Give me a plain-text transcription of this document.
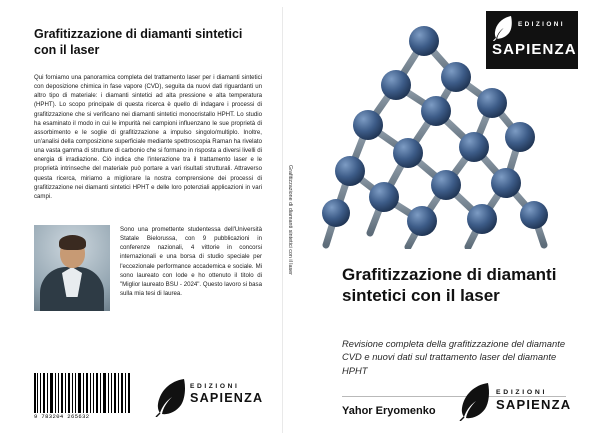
Grafitizzazione di diamanti sintetici con il laser
Qui forniamo una panoramica completa del trattamento laser per i diamanti sintetici con deposizione chimica in fase vapore (CVD), seguita da nuovi dati riguardanti un altro tipo di materiale: i diamanti sintetici ad alta pressione e alta temperatura (HPHT). Lo scopo principale di questa ricerca è quello di indagare i processi di grafitizzazione che si verificano nei diamanti sintetici monocristallo HPHT. Lo studio ha esaminato il modo in cui le impurità nei campioni influenzano le sue proprietà di assorbimento e le soglie di grafitizzazione a impulso singolo/multiplo. Inoltre, un'analisi della composizione superficiale mediante spettroscopia Raman ha rivelato una vasta gamma di strutture di carbonio che si formano in risposta a diversi livelli di energia di irradiazione. Ciò indica che l'interazione tra il trattamento laser e le proprietà intrinseche del materiale può portare a vari risultati strutturali. Attraverso questa ricerca, miriamo a migliorare la nostra comprensione dei processi di grafitizzazione nei diamanti sintetici HPHT e delle loro potenziali applicazioni in vari campi.
Sono una promettente studentessa dell'Università Statale Bielorussa, con 9 pubblicazioni in conferenze nazionali, 4 vittorie in concorsi internazionali e una borsa di studio speciale per l'eccezionale performance accademica e sociale. Mi sono laureato con lode e ho ottenuto il titolo di "Miglior laureato BSU - 2024". Questo lavoro si basa sulla mia tesi di laurea.
9 783204 265632
EDIZIONI
SAPIENZA
Grafitizzazione di diamanti sintetici con il laser
EDIZIONI
SAPIENZA
Grafitizzazione di diamanti sintetici con il laser
Revisione completa della grafitizzazione del diamante CVD e nuovi dati sul trattamento laser del diamante HPHT
Yahor Eryomenko
EDIZIONI
SAPIENZA
